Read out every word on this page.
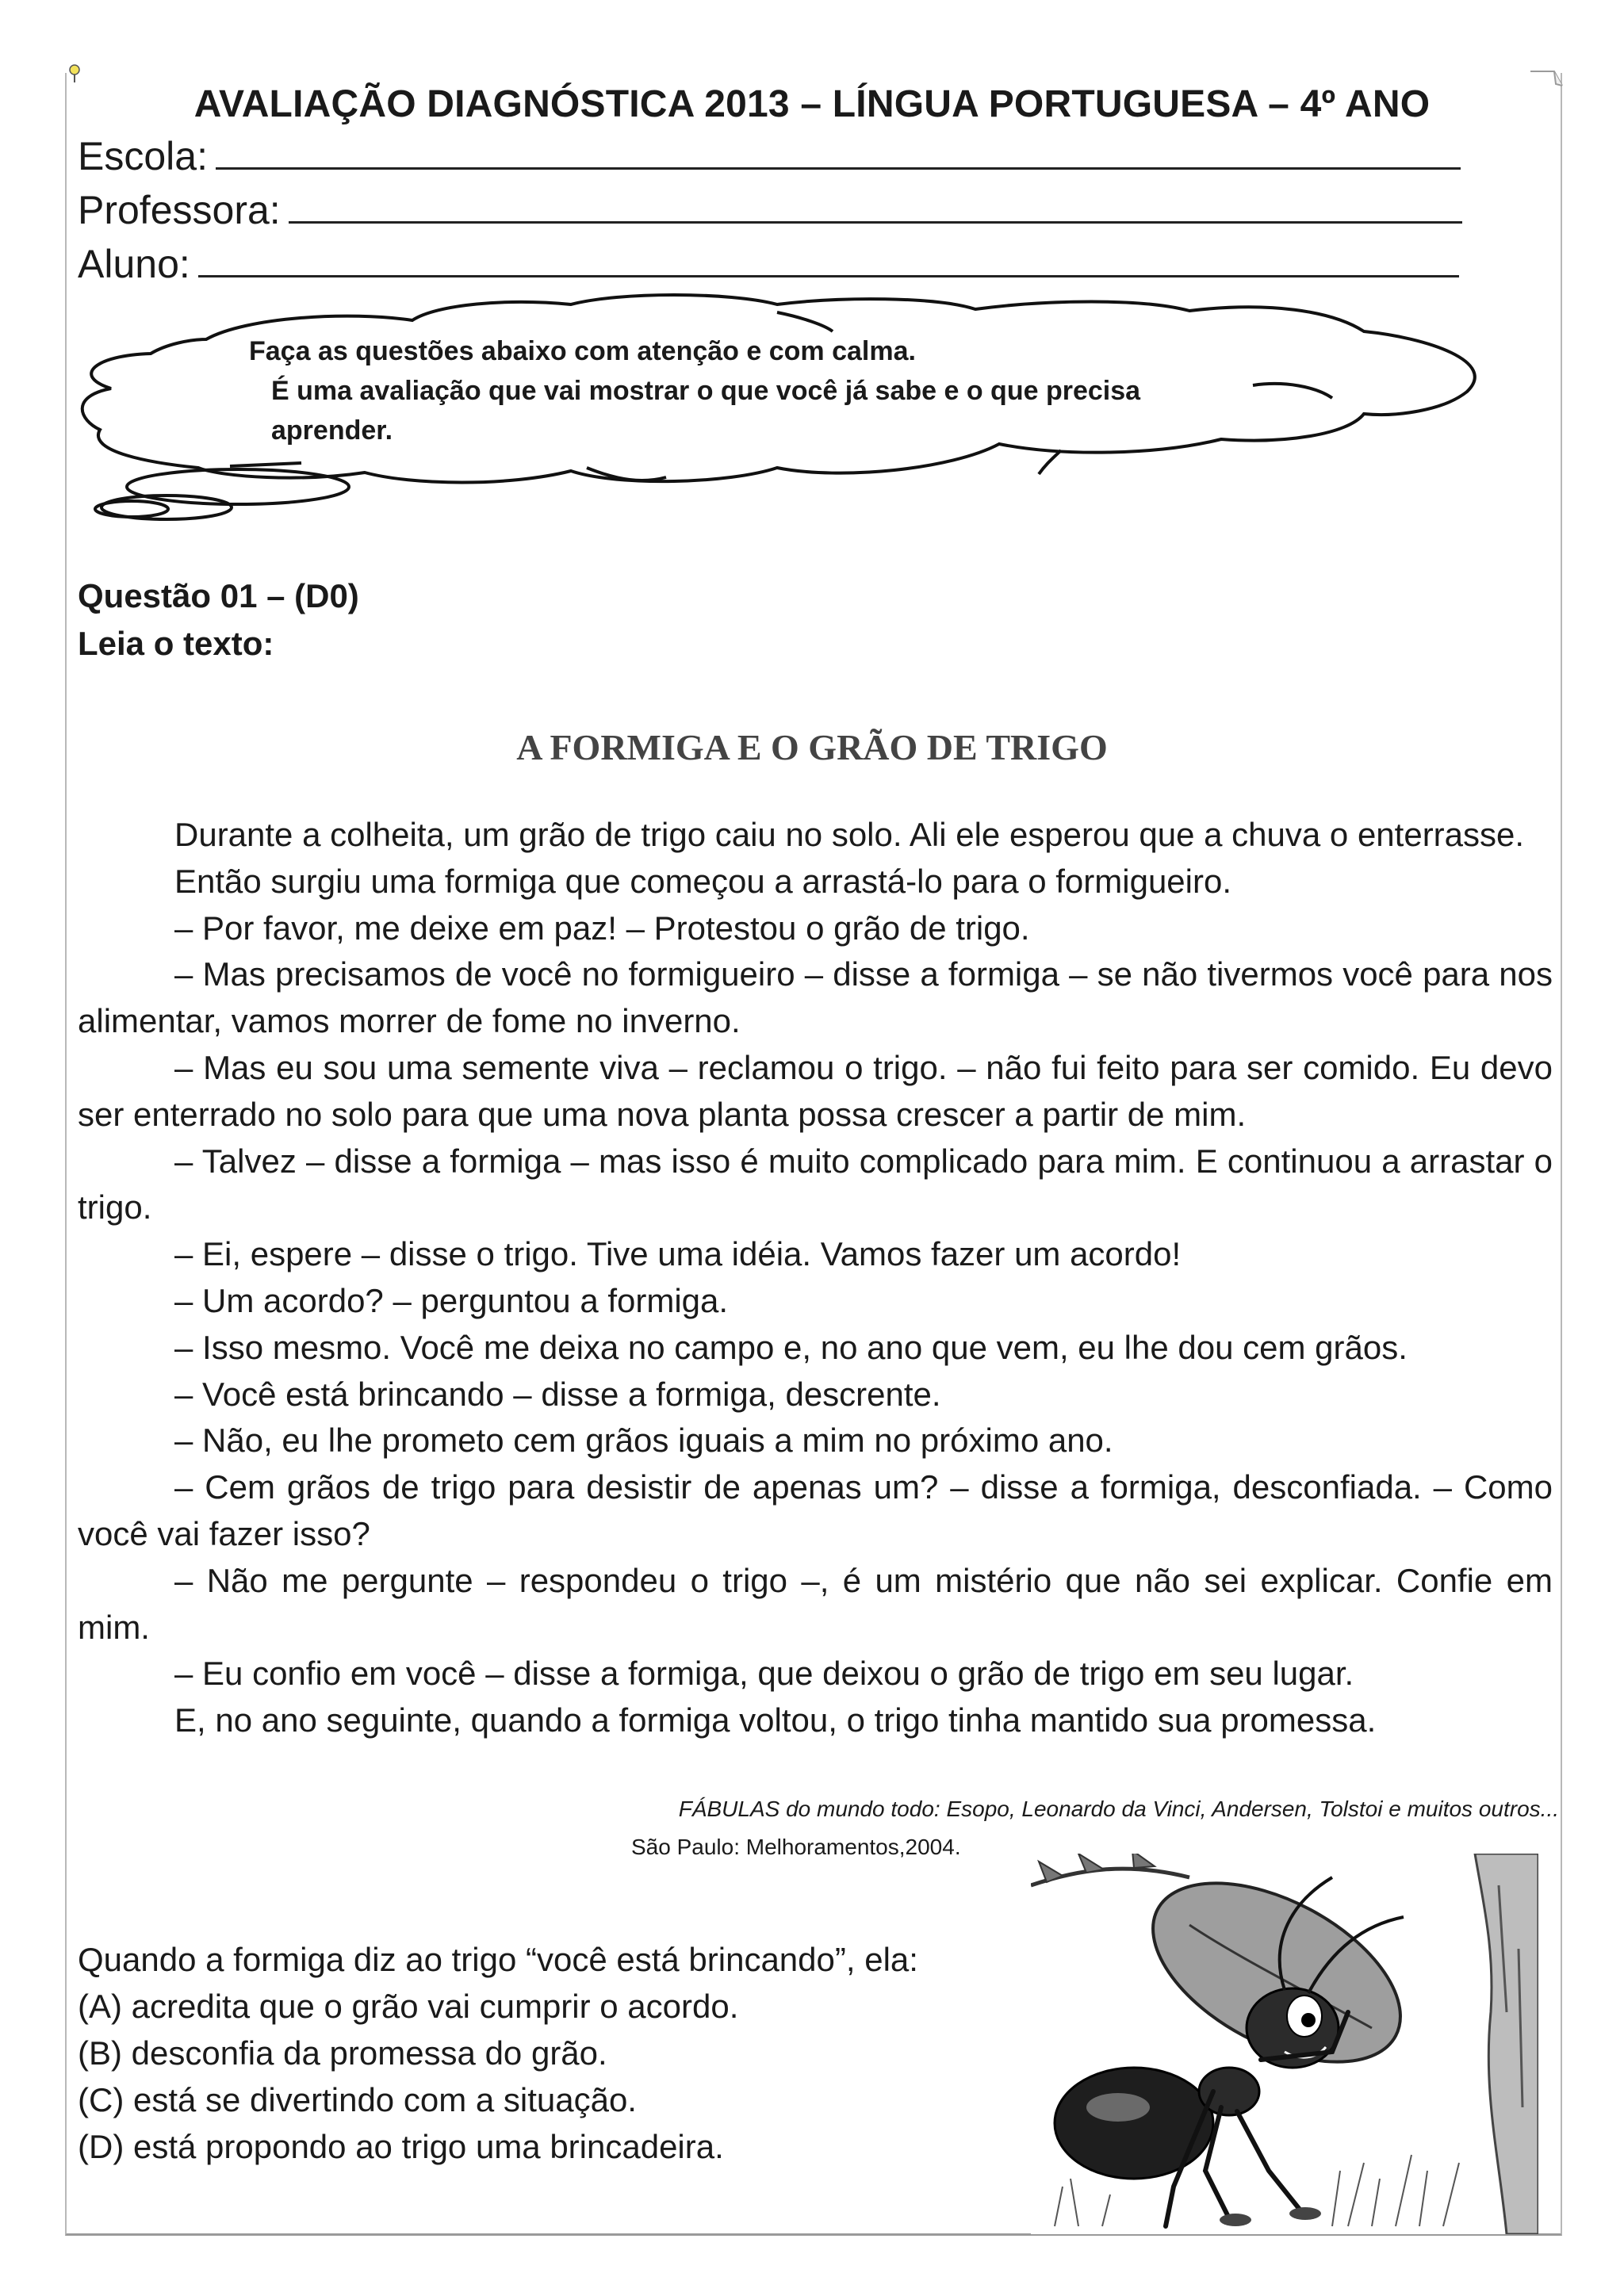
AVALIAÇÃO DIAGNÓSTICA 2013 – LÍNGUA PORTUGUESA – 4º ANO
Escola:
Professora:
Aluno:
Faça as questões abaixo com atenção e com calma.
É uma avaliação que vai mostrar o que você já sabe e o que precisa
aprender.
Questão 01 – (D0)
Leia o texto:
A FORMIGA E O GRÃO DE TRIGO

Durante a colheita, um grão de trigo caiu no solo. Ali ele esperou que a chuva o enterrasse.

Então surgiu uma formiga que começou a arrastá-lo para o formigueiro.

– Por favor, me deixe em paz! – Protestou o grão de trigo.

– Mas precisamos de você no formigueiro – disse a formiga – se não tivermos você para nos alimentar, vamos morrer de fome no inverno.

– Mas eu sou uma semente viva – reclamou o trigo. – não fui feito para ser comido. Eu devo ser enterrado no solo para que uma nova planta possa crescer a partir de mim.

– Talvez – disse a formiga – mas isso é muito complicado para mim. E continuou a arrastar o trigo.

– Ei, espere – disse o trigo. Tive uma idéia. Vamos fazer um acordo!

– Um acordo? – perguntou a formiga.

– Isso mesmo. Você me deixa no campo e, no ano que vem, eu lhe dou cem grãos.

– Você está brincando – disse a formiga, descrente.

– Não, eu lhe prometo cem grãos iguais a mim no próximo ano.

– Cem grãos de trigo para desistir de apenas um? – disse a formiga, desconfiada. – Como você vai fazer isso?

– Não me pergunte – respondeu o trigo –, é um mistério que não sei explicar. Confie em mim.

– Eu confio em você – disse a formiga, que deixou o grão de trigo em seu lugar.

E, no ano seguinte, quando a formiga voltou, o trigo tinha mantido sua promessa.

FÁBULAS do mundo todo: Esopo, Leonardo da Vinci, Andersen, Tolstoi e muitos outros...
São Paulo: Melhoramentos,2004.
Quando a formiga diz ao trigo “você está brincando”, ela:
(A) acredita que o grão vai cumprir o acordo.
(B) desconfia da promessa do grão.
(C) está se divertindo com a situação.
(D) está propondo ao trigo uma brincadeira.
